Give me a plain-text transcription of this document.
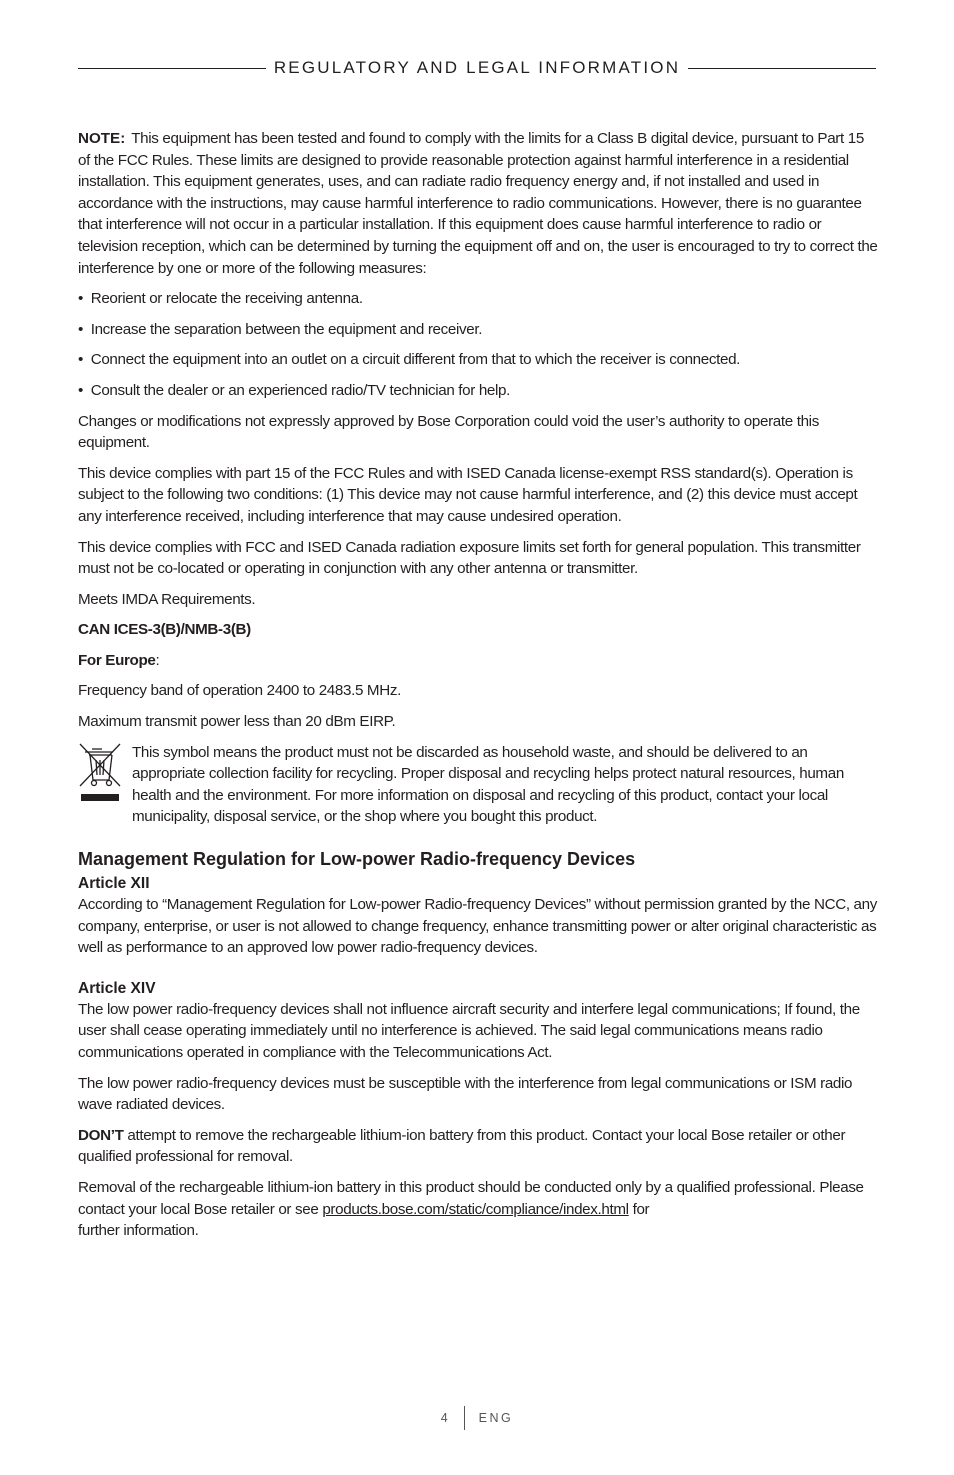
REGULATORY AND LEGAL INFORMATION

NOTE: This equipment has been tested and found to comply with the limits for a Class B digital device, pursuant to Part 15 of the FCC Rules. These limits are designed to provide reasonable protection against harmful interference in a residential installation. This equipment generates, uses, and can radiate radio frequency energy and, if not installed and used in accordance with the instructions, may cause harmful interference to radio communications. However, there is no guarantee that interference will not occur in a particular installation. If this equipment does cause harmful interference to radio or television reception, which can be determined by turning the equipment off and on, the user is encouraged to try to correct the interference by one or more of the following measures:

•  Reorient or relocate the receiving antenna.

•  Increase the separation between the equipment and receiver.

•  Connect the equipment into an outlet on a circuit different from that to which the receiver is connected.

•  Consult the dealer or an experienced radio/TV technician for help.

Changes or modifications not expressly approved by Bose Corporation could void the user’s authority to operate this equipment.

This device complies with part 15 of the FCC Rules and with ISED Canada license-exempt RSS standard(s). Operation is subject to the following two conditions: (1) This device may not cause harmful interference, and (2) this device must accept any interference received, including interference that may cause undesired operation.

This device complies with FCC and ISED Canada radiation exposure limits set forth for general population. This transmitter must not be co-located or operating in conjunction with any other antenna or transmitter.

Meets IMDA Requirements.

CAN ICES-3(B)/NMB-3(B)

For Europe:

Frequency band of operation 2400 to 2483.5 MHz.

Maximum transmit power less than 20 dBm EIRP.

This symbol means the product must not be discarded as household waste, and should be delivered to an appropriate collection facility for recycling. Proper disposal and recycling helps protect natural resources, human health and the environment. For more information on disposal and recycling of this product, contact your local municipality, disposal service, or the shop where you bought this product.
Management Regulation for Low-power Radio-frequency Devices
Article XII

According to “Management Regulation for Low-power Radio-frequency Devices” without permission granted by the NCC, any company, enterprise, or user is not allowed to change frequency, enhance transmitting power or alter original characteristic as well as performance to an approved low power radio-frequency devices.

Article XIV

The low power radio-frequency devices shall not influence aircraft security and interfere legal communications; If found, the user shall cease operating immediately until no interference is achieved. The said legal communications means radio communications operated in compliance with the Telecommunications Act.

The low power radio-frequency devices must be susceptible with the interference from legal communications or ISM radio wave radiated devices.

DON’T attempt to remove the rechargeable lithium-ion battery from this product. Contact your local Bose retailer or other qualified professional for removal.

Removal of the rechargeable lithium-ion battery in this product should be conducted only by a qualified professional. Please contact your local Bose retailer or see products.bose.com/static/compliance/index.html for
further information.

4 ENG
